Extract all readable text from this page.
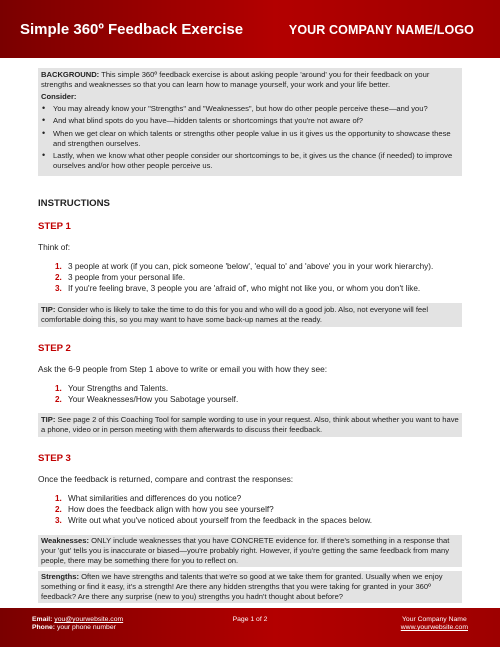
Simple 360º Feedback Exercise	YOUR COMPANY NAME/LOGO

BACKGROUND: This simple 360º feedback exercise is about asking people 'around' you for their feedback on your strengths and weaknesses so that you can learn how to manage yourself, your work and your life better.

Consider:
• You may already know your "Strengths" and "Weaknesses", but how do other people perceive these—and you?
• And what blind spots do you have—hidden talents or shortcomings that you're not aware of?
• When we get clear on which talents or strengths other people value in us it gives us the opportunity to showcase these and strengthen ourselves.
• Lastly, when we know what other people consider our shortcomings to be, it gives us the chance (if needed) to improve ourselves and/or how other people perceive us.
INSTRUCTIONS
STEP 1
Think of:
1. 3 people at work (if you can, pick someone 'below', 'equal to' and 'above' you in your work hierarchy).
2. 3 people from your personal life.
3. If you're feeling brave, 3 people you are 'afraid of', who might not like you, or whom you don't like.
TIP: Consider who is likely to take the time to do this for you and who will do a good job. Also, not everyone will feel comfortable doing this, so you may want to have some back-up names at the ready.
STEP 2
Ask the 6-9 people from Step 1 above to write or email you with how they see:
1. Your Strengths and Talents.
2. Your Weaknesses/How you Sabotage yourself.
TIP: See page 2 of this Coaching Tool for sample wording to use in your request. Also, think about whether you want to have a phone, video or in person meeting with them afterwards to discuss their feedback.
STEP 3
Once the feedback is returned, compare and contrast the responses:
1. What similarities and differences do you notice?
2. How does the feedback align with how you see yourself?
3. Write out what you've noticed about yourself from the feedback in the spaces below.
Weaknesses: ONLY include weaknesses that you have CONCRETE evidence for. If there's something in a response that your 'gut' tells you is inaccurate or biased—you're probably right. However, if you're getting the same feedback from many people, there may be something there for you to reflect on.
Strengths: Often we have strengths and talents that we're so good at we take them for granted. Usually when we enjoy something or find it easy, it's a strength! Are there any hidden strengths that you were taking for granted in your 360º feedback? Are there any surprise (new to you) strengths you hadn't thought about before?
Email: you@yourwebsite.com
Phone: your phone number
Page 1 of 2	Your Company Name
www.yourwebsite.com
